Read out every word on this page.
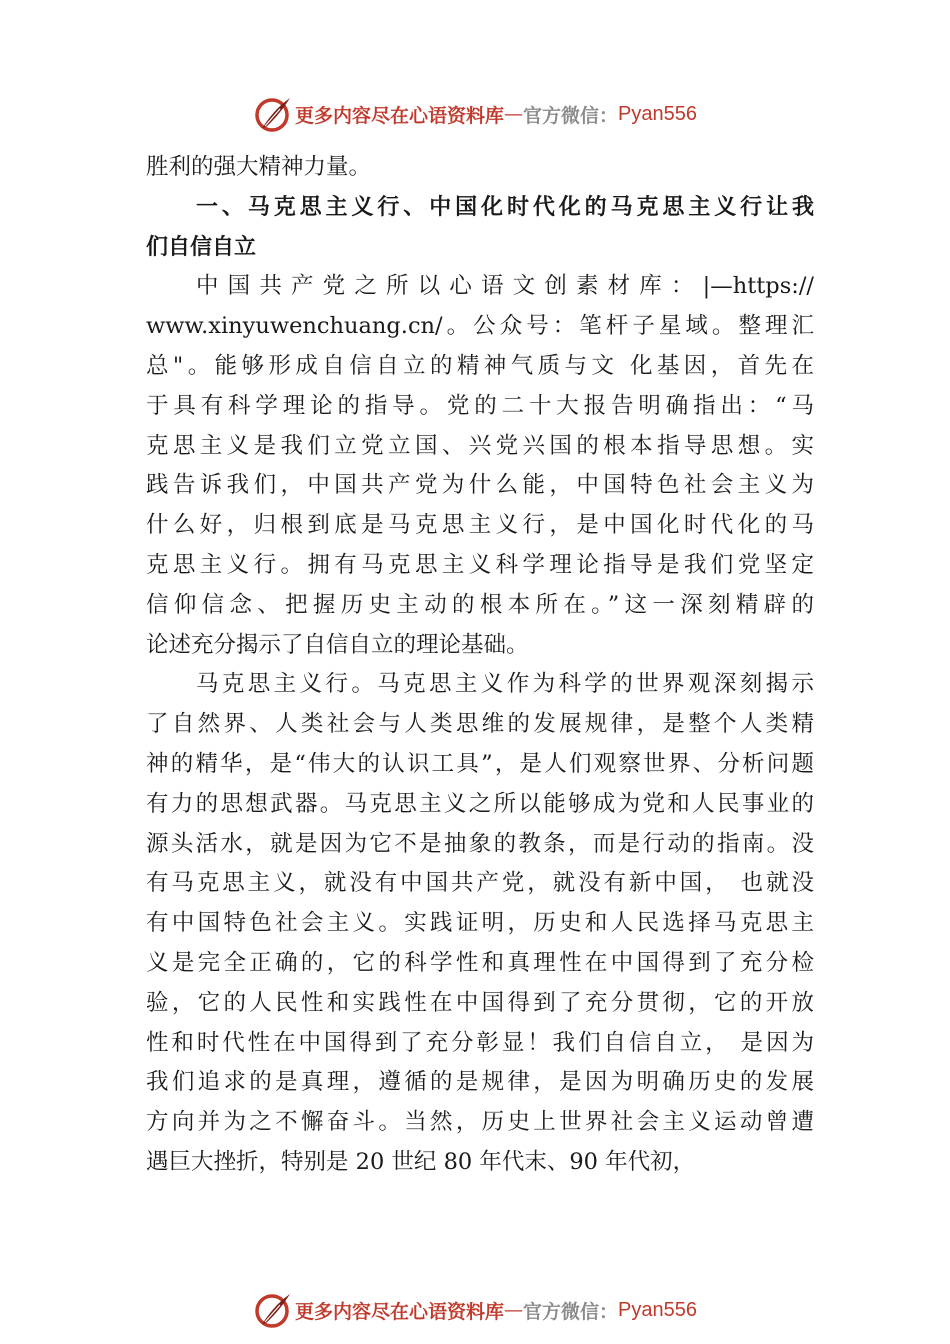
更多内容尽在心语资料库 — 官方微信： Pyan556
胜利的强大精神力量。
一、马克思主义行、中国化时代化的马克思主义行让我
们自信自立
中国共产党之所以心语文创素材库：|—https://
www.xinyuwenchuang.cn/。公众号：笔杆子星域。整理汇
总"。能够形成自信自立的精神气质与文 化基因，首先在
于具有科学理论的指导。党的二十大报告明确指出：“马
克思主义是我们立党立国、兴党兴国的根本指导思想。实
践告诉我们，中国共产党为什么能，中国特色社会主义为
什么好，归根到底是马克思主义行，是中国化时代化的马
克思主义行。拥有马克思主义科学理论指导是我们党坚定
信仰信念、把握历史主动的根本所在。”这一深刻精辟的
论述充分揭示了自信自立的理论基础。
马克思主义行。马克思主义作为科学的世界观深刻揭示
了自然界、人类社会与人类思维的发展规律，是整个人类精
神的精华，是“伟大的认识工具”，是人们观察世界、分析问题
有力的思想武器。马克思主义之所以能够成为党和人民事业的
源头活水，就是因为它不是抽象的教条，而是行动的指南。没
有马克思主义，就没有中国共产党，就没有新中国， 也就没
有中国特色社会主义。实践证明，历史和人民选择马克思主
义是完全正确的，它的科学性和真理性在中国得到了充分检
验，它的人民性和实践性在中国得到了充分贯彻，它的开放
性和时代性在中国得到了充分彰显！我们自信自立， 是因为
我们追求的是真理，遵循的是规律，是因为明确历史的发展
方向并为之不懈奋斗。当然，历史上世界社会主义运动曾遭
遇巨大挫折，特别是 20 世纪 80 年代末、90 年代初，
更多内容尽在心语资料库 — 官方微信： Pyan556
